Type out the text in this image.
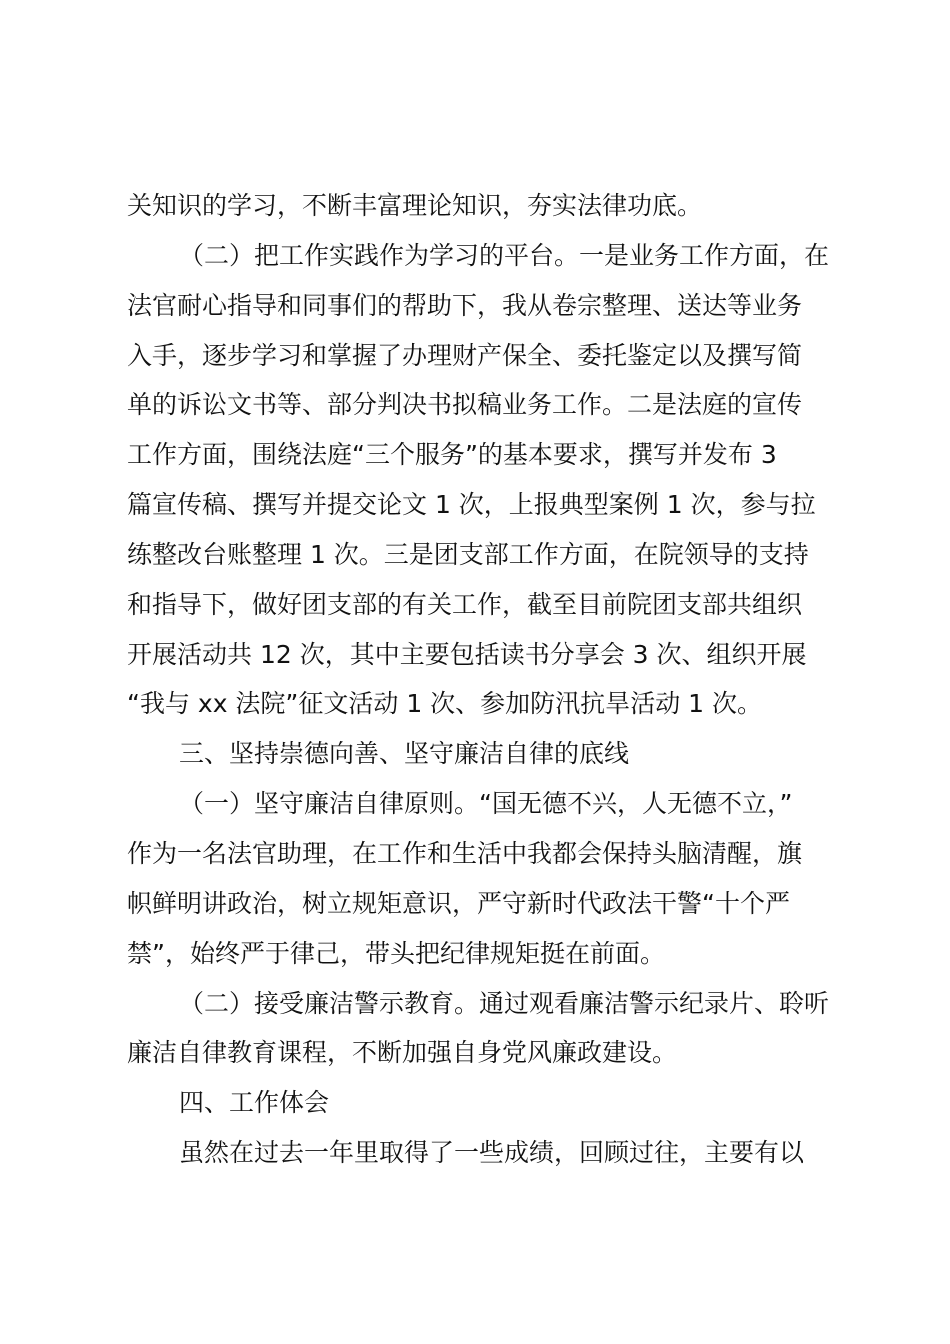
关知识的学习，不断丰富理论知识，夯实法律功底。
（二）把工作实践作为学习的平台。一是业务工作方面，在
法官耐心指导和同事们的帮助下，我从卷宗整理、送达等业务
入手，逐步学习和掌握了办理财产保全、委托鉴定以及撰写简
单的诉讼文书等、部分判决书拟稿业务工作。二是法庭的宣传
工作方面，围绕法庭“三个服务”的基本要求，撰写并发布 3
篇宣传稿、撰写并提交论文 1 次，上报典型案例 1 次，参与拉
练整改台账整理 1 次。三是团支部工作方面，在院领导的支持
和指导下，做好团支部的有关工作，截至目前院团支部共组织
开展活动共 12 次，其中主要包括读书分享会 3 次、组织开展
“我与 xx 法院”征文活动 1 次、参加防汛抗旱活动 1 次。
三、坚持崇德向善、坚守廉洁自律的底线
（一）坚守廉洁自律原则。“国无德不兴，人无德不立，”
作为一名法官助理，在工作和生活中我都会保持头脑清醒，旗
帜鲜明讲政治，树立规矩意识，严守新时代政法干警“十个严
禁”，始终严于律己，带头把纪律规矩挺在前面。
（二）接受廉洁警示教育。通过观看廉洁警示纪录片、聆听
廉洁自律教育课程，不断加强自身党风廉政建设。
四、工作体会
虽然在过去一年里取得了一些成绩，回顾过往，主要有以
